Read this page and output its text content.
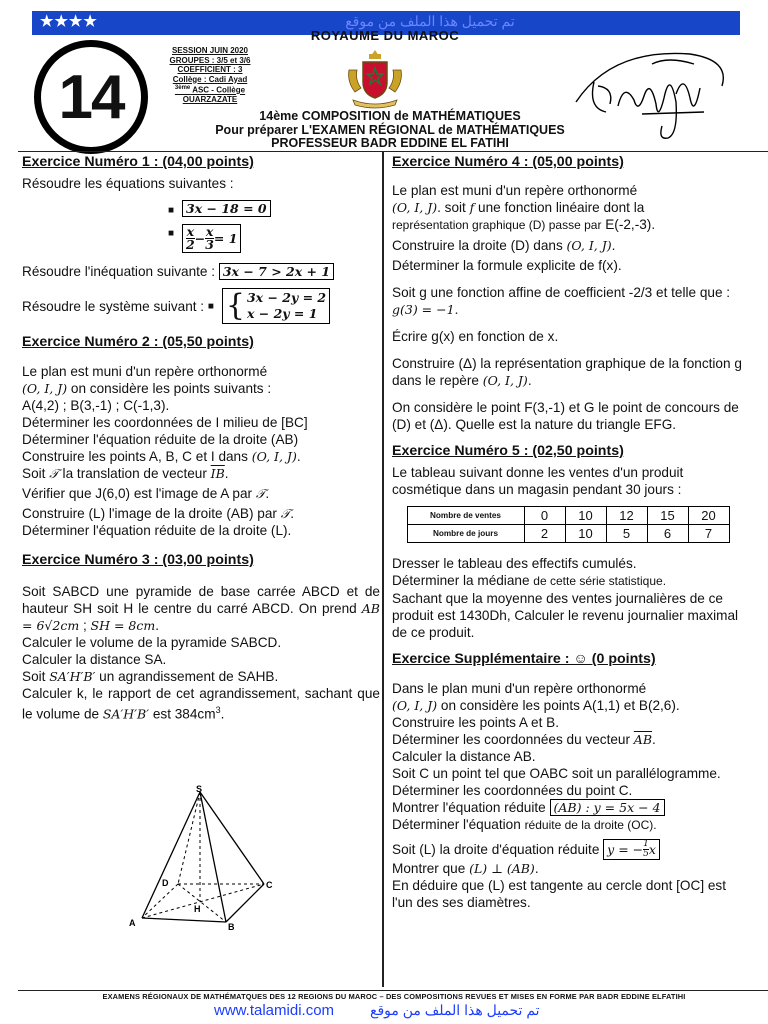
★★★★	تم تحميل هذا الملف من موقع
ROYAUME DU MAROC
14
SESSION JUIN 2020
GROUPES : 3/5 et 3/6
COEFFICIENT : 3
Collège : Cadi Ayad
$^{3ème}$ ASC - Collège
OUARZAZATE
14ème COMPOSITION de MATHÉMATIQUES
Pour préparer L'EXAMEN RÉGIONAL de MATHÉMATIQUES
PROFESSEUR BADR EDDINE EL FATIHI

Exercice Numéro 1 : (04,00 points)

Résoudre les équations suivantes :

■ 3x − 18 = 0

■ x
$2 - \frac{x}{3} = 1$

Résoudre l'inéquation suivante : 3x − 7 > 2x + 1

Résoudre le système suivant :
■ { 3x − 2y = 2
x − 2y = 1

Exercice Numéro 2 : (05,50 points)

Le plan est muni d'un repère orthonormé

(O, I, J) on considère les points suivants :

A(4,2) ; B(3,-1) ; C(-1,3).

Déterminer les coordonnées de I milieu de [BC]

Déterminer l'équation réduite de la droite (AB)

Construire les points A, B, C et I dans (O, I, J).

Soit 𝒯 la translation de vecteur $\overline{IB}$.

Vérifier que J(6,0) est l'image de A par 𝒯.

Construire (L) l'image de la droite (AB) par 𝒯.

Déterminer l'équation réduite de la droite (L).

Exercice Numéro 3 : (03,00 points)

Soit SABCD une pyramide de base carrée ABCD et de hauteur SH soit H le centre du carré ABCD. On prend AB = 6√2cm ; SH = 8cm.

Calculer le volume de la pyramide SABCD.

Calculer la distance SA.

Soit SA′H′B′ un agrandissement de SAHB.

Calculer k, le rapport de cet agrandissement, sachant que le volume de SA′H′B′ est $384cm^3$.

S
A	B
C
D
H

Exercice Numéro 4 : (05,00 points)

Le plan est muni d'un repère orthonormé

(O, I, J). soit f une fonction linéaire dont la

représentation graphique (D) passe par E(-2,-3).

Construire la droite (D) dans (O, I, J).

Déterminer la formule explicite de f(x).

Soit g une fonction affine de coefficient -2/3 et telle que : g(3) = −1.

Écrire g(x) en fonction de x.

Construire (Δ) la représentation graphique de la fonction g dans le repère (O, I, J).

On considère le point F(3,-1) et G le point de concours de (D) et (Δ). Quelle est la nature du triangle EFG.

Exercice Numéro 5 : (02,50 points)

Le tableau suivant donne les ventes d'un produit cosmétique dans un magasin pendant 30 jours :

Nombre de ventes	0	10	12	15	20
Nombre de jours	2	10	5	6	7

Dresser le tableau des effectifs cumulés.

Déterminer la médiane de cette série statistique.

Sachant que la moyenne des ventes journalières de ce produit est 1430Dh, Calculer le revenu journalier maximal de ce produit.

Exercice Supplémentaire : ☺ (0 points)

Dans le plan muni d'un repère orthonormé

(O, I, J) on considère les points A(1,1) et B(2,6).

Construire les points A et B.

Déterminer les coordonnées du vecteur $\overline{AB}$.

Calculer la distance AB.

Soit C un point tel que OABC soit un parallélogramme.

Déterminer les coordonnées du point C.

Montrer l'équation réduite (AB) : y = 5x − 4

Déterminer l'équation réduite de la droite (OC).

Soit (L) la droite d'équation réduite
y = − $\frac{1}{5}$ x

Montrer que (L) ⊥ (AB).

En déduire que (L) est tangente au cercle dont [OC] est l'un des ses diamètres.

EXAMENS RÉGIONAUX DE MATHÉMATQUES DES 12 REGIONS DU MAROC – DES COMPOSITIONS REVUES ET MISES EN FORME PAR BADR EDDINE ELFATIHI
www.talamidi.com	تم تحميل هذا الملف من موقع
